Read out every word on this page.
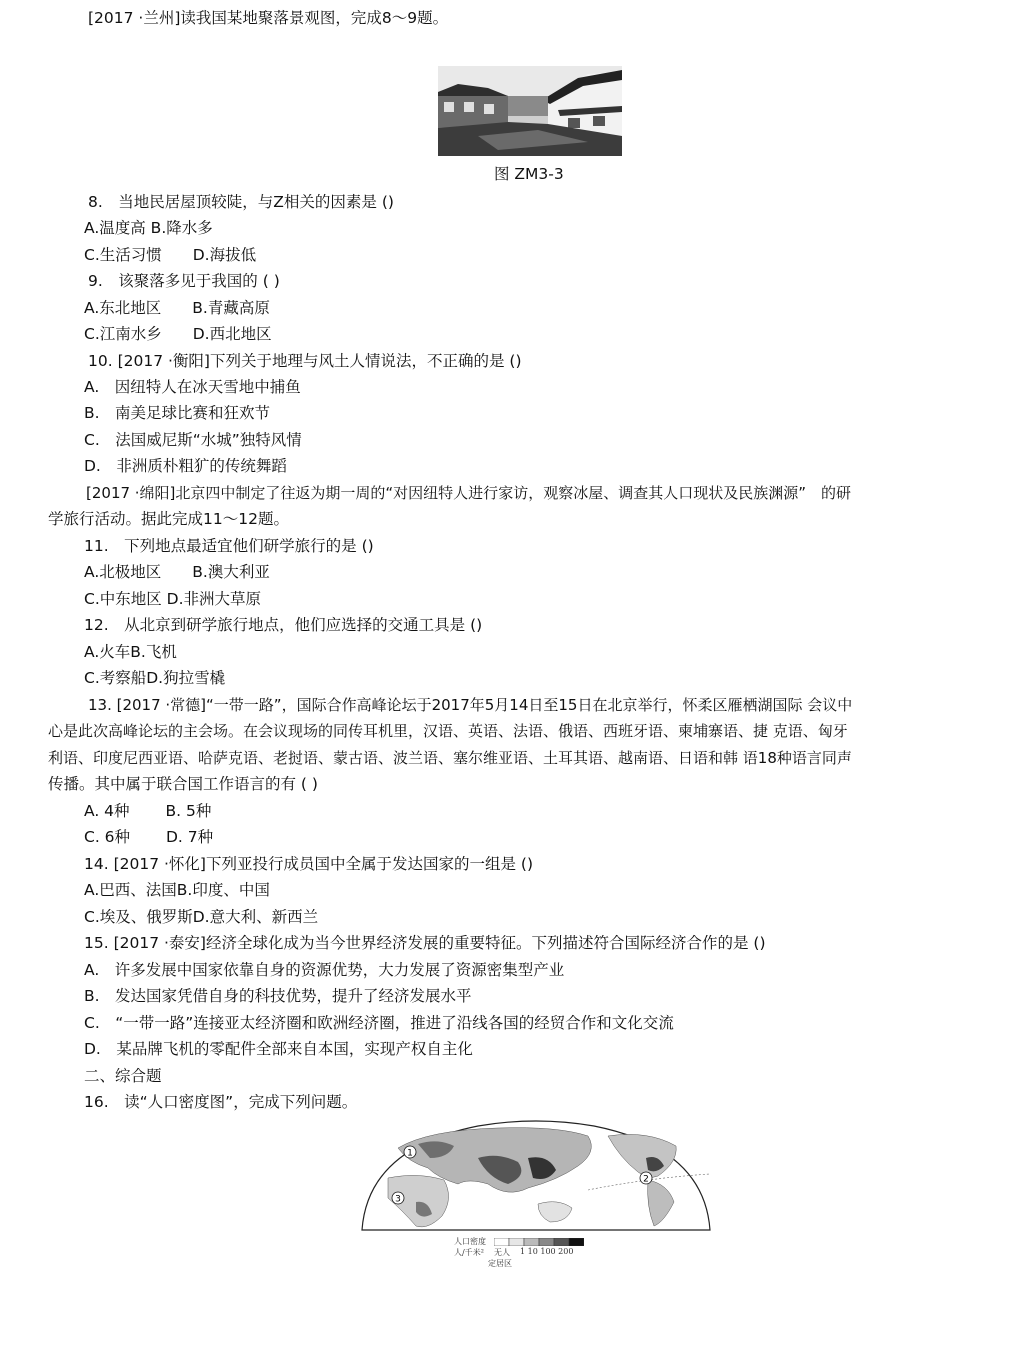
[2017 ·兰州]读我国某地聚落景观图，完成8～9题。
图 ZM3-3
8.　当地民居屋顶较陡，与Z相关的因素是 ()
A.温度高 B.降水多
C.生活习惯　　D.海拔低
9.　该聚落多见于我国的 ( )
A.东北地区　　B.青藏高原
C.江南水乡　　D.西北地区
10. [2017 ·衡阳]下列关于地理与风土人情说法，不正确的是 ()
A.　因纽特人在冰天雪地中捕鱼
B.　南美足球比赛和狂欢节
C.　法国威尼斯“水城”独特风情
D.　非洲质朴粗犷的传统舞蹈
[2017 ·绵阳]北京四中制定了往返为期一周的“对因纽特人进行家访，观察冰屋、调查其人口现状及民族渊源”　的研
学旅行活动。据此完成11～12题。
11.　下列地点最适宜他们研学旅行的是 ()
A.北极地区　　B.澳大利亚
C.中东地区 D.非洲大草原
12.　从北京到研学旅行地点，他们应选择的交通工具是 ()
A.火车B.飞机
C.考察船D.狗拉雪橇
13. [2017 ·常德]“一带一路”，国际合作高峰论坛于2017年5月14日至15日在北京举行，怀柔区雁栖湖国际 会议中
心是此次高峰论坛的主会场。在会议现场的同传耳机里，汉语、英语、法语、俄语、西班牙语、柬埔寨语、捷 克语、匈牙
利语、印度尼西亚语、哈萨克语、老挝语、蒙古语、波兰语、塞尔维亚语、土耳其语、越南语、日语和韩 语18种语言同声
传播。其中属于联合国工作语言的有 ( )
A. 4种　　 B. 5种
C. 6种　　 D. 7种
14. [2017 ·怀化]下列亚投行成员国中全属于发达国家的一组是 ()
A.巴西、法国B.印度、中国
C.埃及、俄罗斯D.意大利、新西兰
15. [2017 ·泰安]经济全球化成为当今世界经济发展的重要特征。下列描述符合国际经济合作的是 ()
A.　许多发展中国家依靠自身的资源优势，大力发展了资源密集型产业
B.　发达国家凭借自身的科技优势，提升了经济发展水平
C.　“一带一路”连接亚太经济圈和欧洲经济圈，推进了沿线各国的经贸合作和文化交流
D.　某品牌飞机的零配件全部来自本国，实现产权自主化
二、综合题
16.　读“人口密度图”，完成下列问题。
1
2
3
人口密度
人/千米² 无人 1 10 100 200
定居区
